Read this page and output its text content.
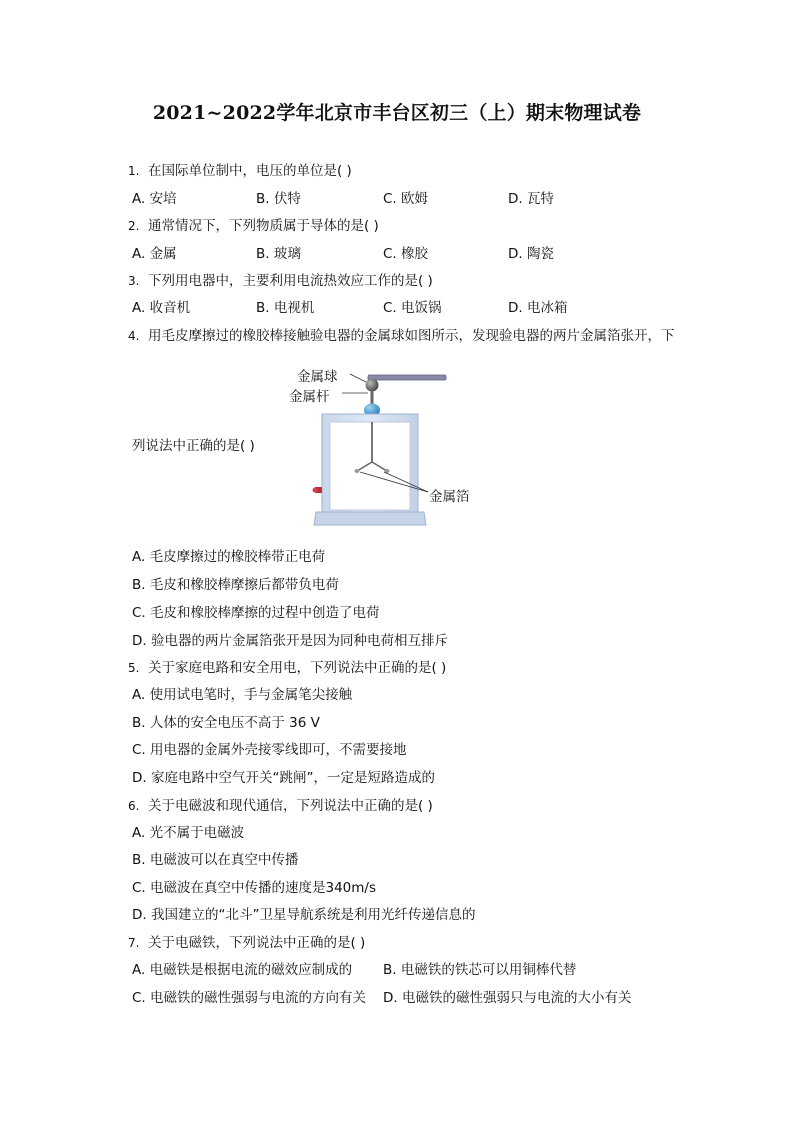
2021~2022学年北京市丰台区初三（上）期末物理试卷
1. 在国际单位制中，电压的单位是( )
A. 安培	B. 伏特	C. 欧姆	D. 瓦特
2. 通常情况下，下列物质属于导体的是( )
A. 金属	B. 玻璃	C. 橡胶	D. 陶瓷
3. 下列用电器中，主要利用电流热效应工作的是( )
A. 收音机	B. 电视机	C. 电饭锅	D. 电冰箱
4. 用毛皮摩擦过的橡胶棒接触验电器的金属球如图所示，发现验电器的两片金属箔张开，下
列说法中正确的是( )
金属球
金属杆
金属箔
A. 毛皮摩擦过的橡胶棒带正电荷
B. 毛皮和橡胶棒摩擦后都带负电荷
C. 毛皮和橡胶棒摩擦的过程中创造了电荷
D. 验电器的两片金属箔张开是因为同种电荷相互排斥
5. 关于家庭电路和安全用电，下列说法中正确的是( )
A. 使用试电笔时，手与金属笔尖接触
B. 人体的安全电压不高于 36 V
C. 用电器的金属外壳接零线即可，不需要接地
D. 家庭电路中空气开关“跳闸”，一定是短路造成的
6. 关于电磁波和现代通信，下列说法中正确的是( )
A. 光不属于电磁波
B. 电磁波可以在真空中传播
C. 电磁波在真空中传播的速度是340m/s
D. 我国建立的“北斗”卫星导航系统是利用光纤传递信息的
7. 关于电磁铁，下列说法中正确的是( )
A. 电磁铁是根据电流的磁效应制成的 B. 电磁铁的铁芯可以用铜棒代替
C. 电磁铁的磁性强弱与电流的方向有关 D. 电磁铁的磁性强弱只与电流的大小有关
